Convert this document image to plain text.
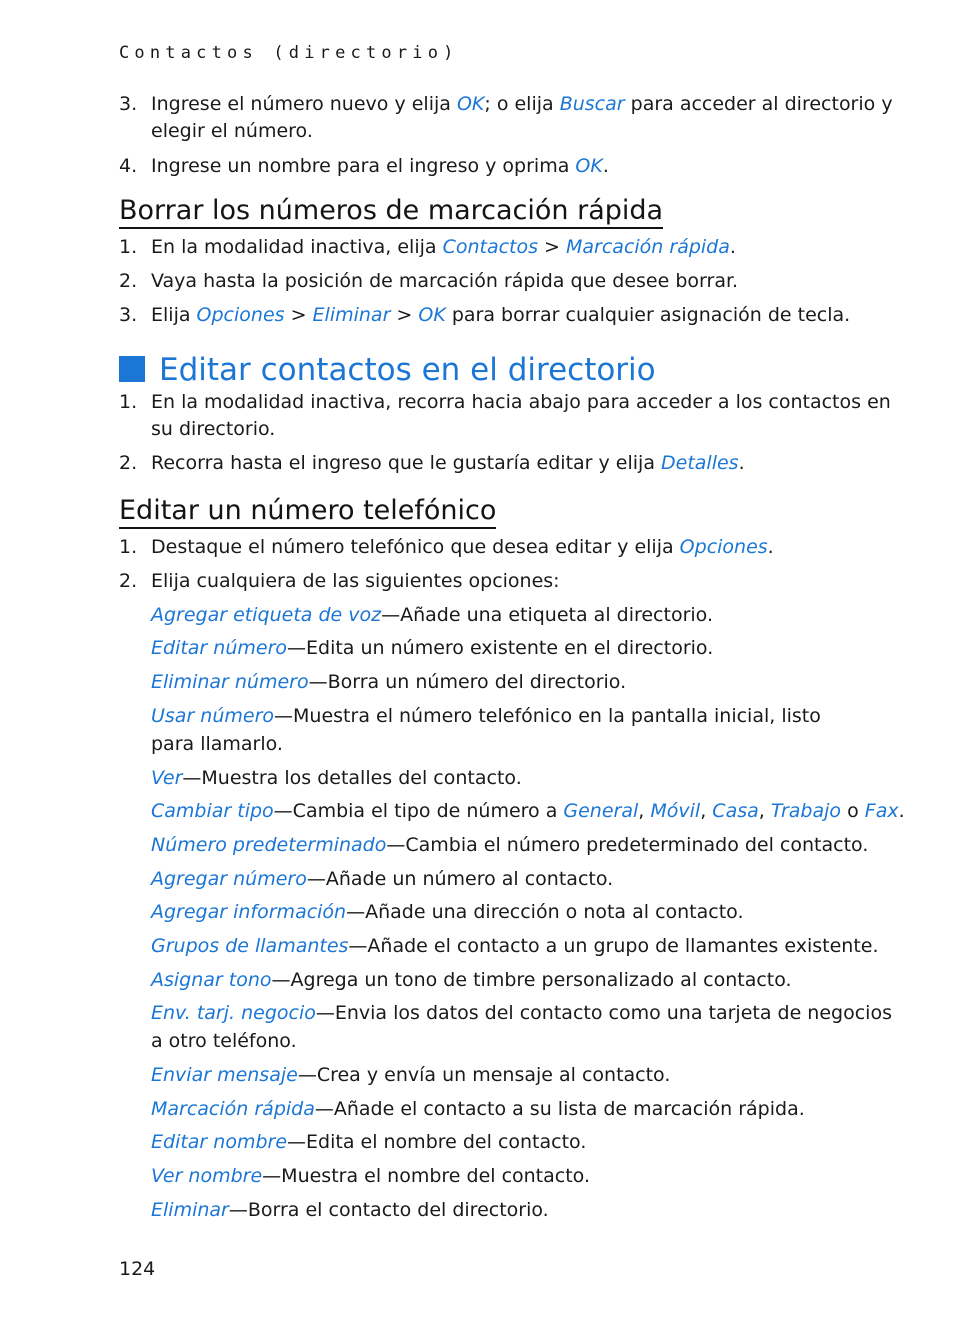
Contactos (directorio)
3. Ingrese el número nuevo y elija OK; o elija Buscar para acceder al directorio y
elegir el número.
4. Ingrese un nombre para el ingreso y oprima OK.
Borrar los números de marcación rápida
1. En la modalidad inactiva, elija Contactos > Marcación rápida.
2. Vaya hasta la posición de marcación rápida que desee borrar.
3. Elija Opciones > Eliminar > OK para borrar cualquier asignación de tecla.
Editar contactos en el directorio
1. En la modalidad inactiva, recorra hacia abajo para acceder a los contactos en
su directorio.
2. Recorra hasta el ingreso que le gustaría editar y elija Detalles.
Editar un número telefónico
1. Destaque el número telefónico que desea editar y elija Opciones.
2. Elija cualquiera de las siguientes opciones:
Agregar etiqueta de voz—Añade una etiqueta al directorio.
Editar número—Edita un número existente en el directorio.
Eliminar número—Borra un número del directorio.
Usar número—Muestra el número telefónico en la pantalla inicial, listo
para llamarlo.
Ver—Muestra los detalles del contacto.
Cambiar tipo—Cambia el tipo de número a General, Móvil, Casa, Trabajo o Fax.
Número predeterminado—Cambia el número predeterminado del contacto.
Agregar número—Añade un número al contacto.
Agregar información—Añade una dirección o nota al contacto.
Grupos de llamantes—Añade el contacto a un grupo de llamantes existente.
Asignar tono—Agrega un tono de timbre personalizado al contacto.
Env. tarj. negocio—Envia los datos del contacto como una tarjeta de negocios
a otro teléfono.
Enviar mensaje—Crea y envía un mensaje al contacto.
Marcación rápida—Añade el contacto a su lista de marcación rápida.
Editar nombre—Edita el nombre del contacto.
Ver nombre—Muestra el nombre del contacto.
Eliminar—Borra el contacto del directorio.
124
